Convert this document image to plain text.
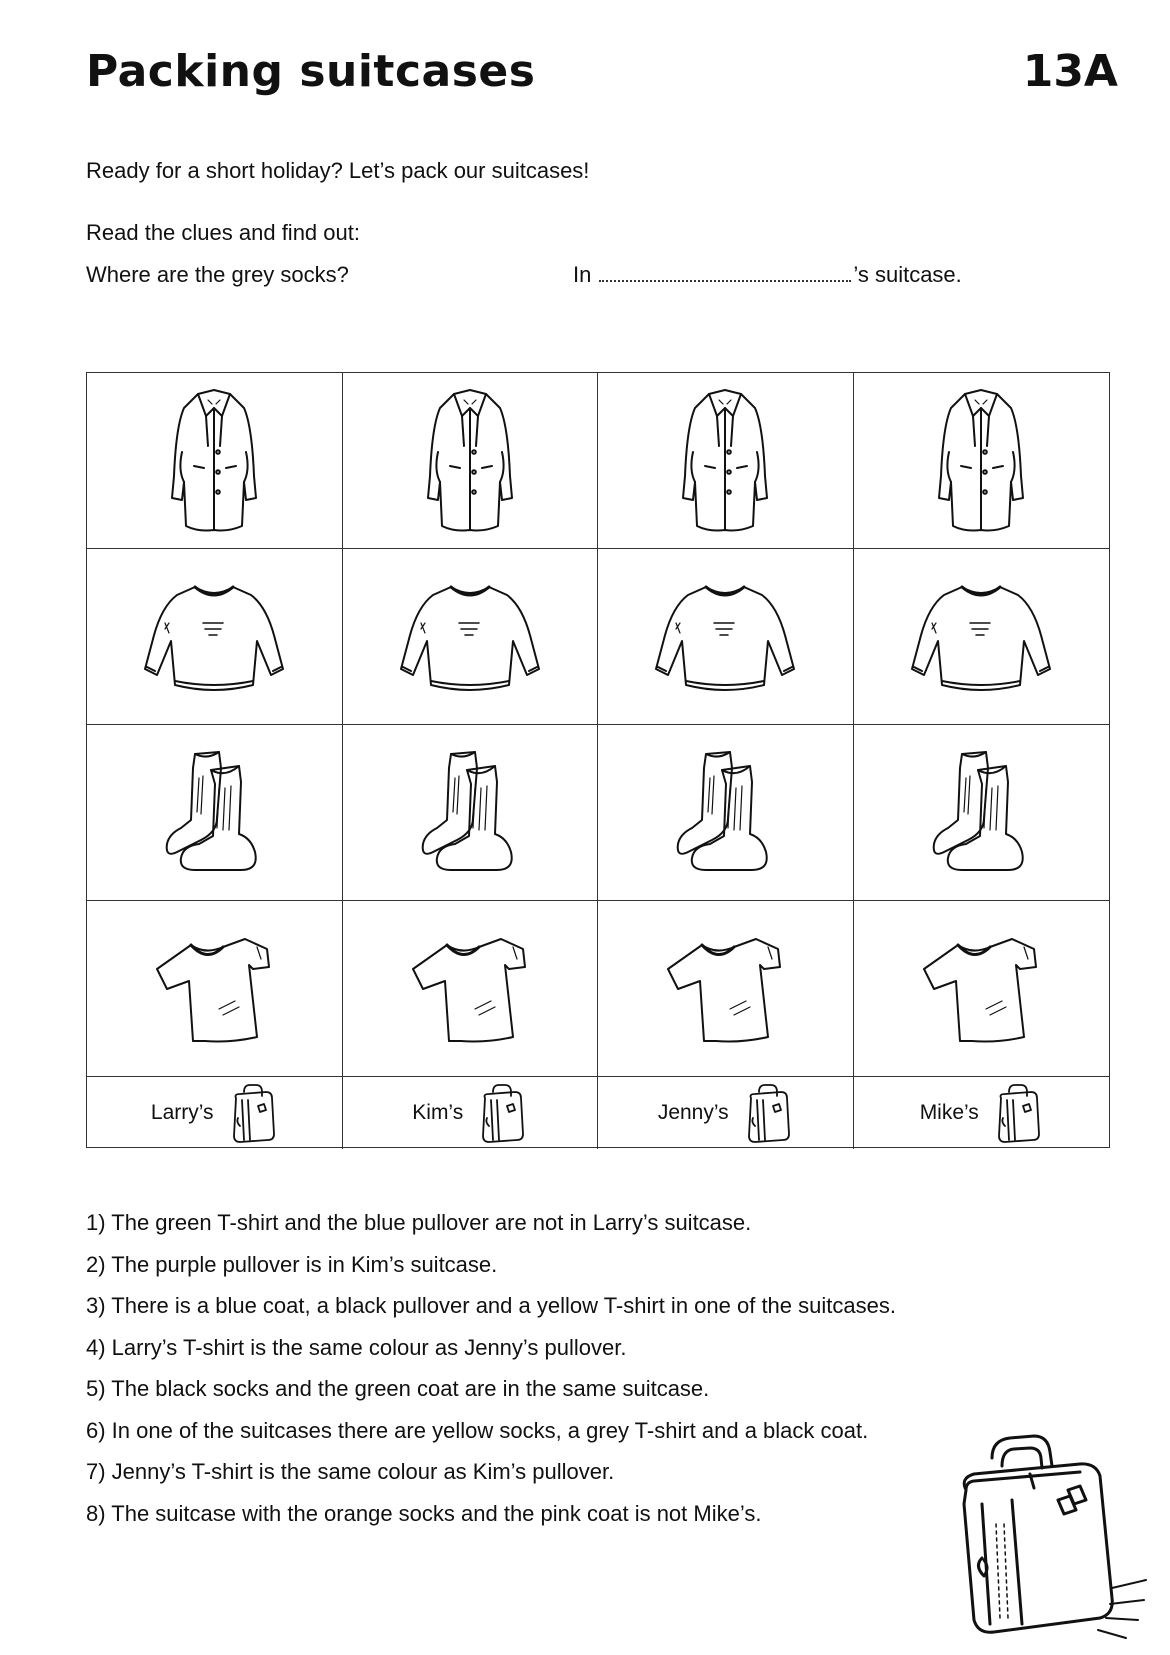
Packing suitcases	13A
Ready for a short holiday? Let’s pack our suitcases!
Read the clues and find out:
Where are the grey socks?	In	’s suitcase.
Larry’s	Kim’s	Jenny’s	Mike’s
1) The green T-shirt and the blue pullover are not in Larry’s suitcase.
2) The purple pullover is in Kim’s suitcase.
3) There is a blue coat, a black pullover and a yellow T-shirt in one of the suitcases.
4) Larry’s T-shirt is the same colour as Jenny’s pullover.
5) The black socks and the green coat are in the same suitcase.
6) In one of the suitcases there are yellow socks, a grey T-shirt and a black coat.
7) Jenny’s T-shirt is the same colour as Kim’s pullover.
8) The suitcase with the orange socks and the pink coat is not Mike’s.
